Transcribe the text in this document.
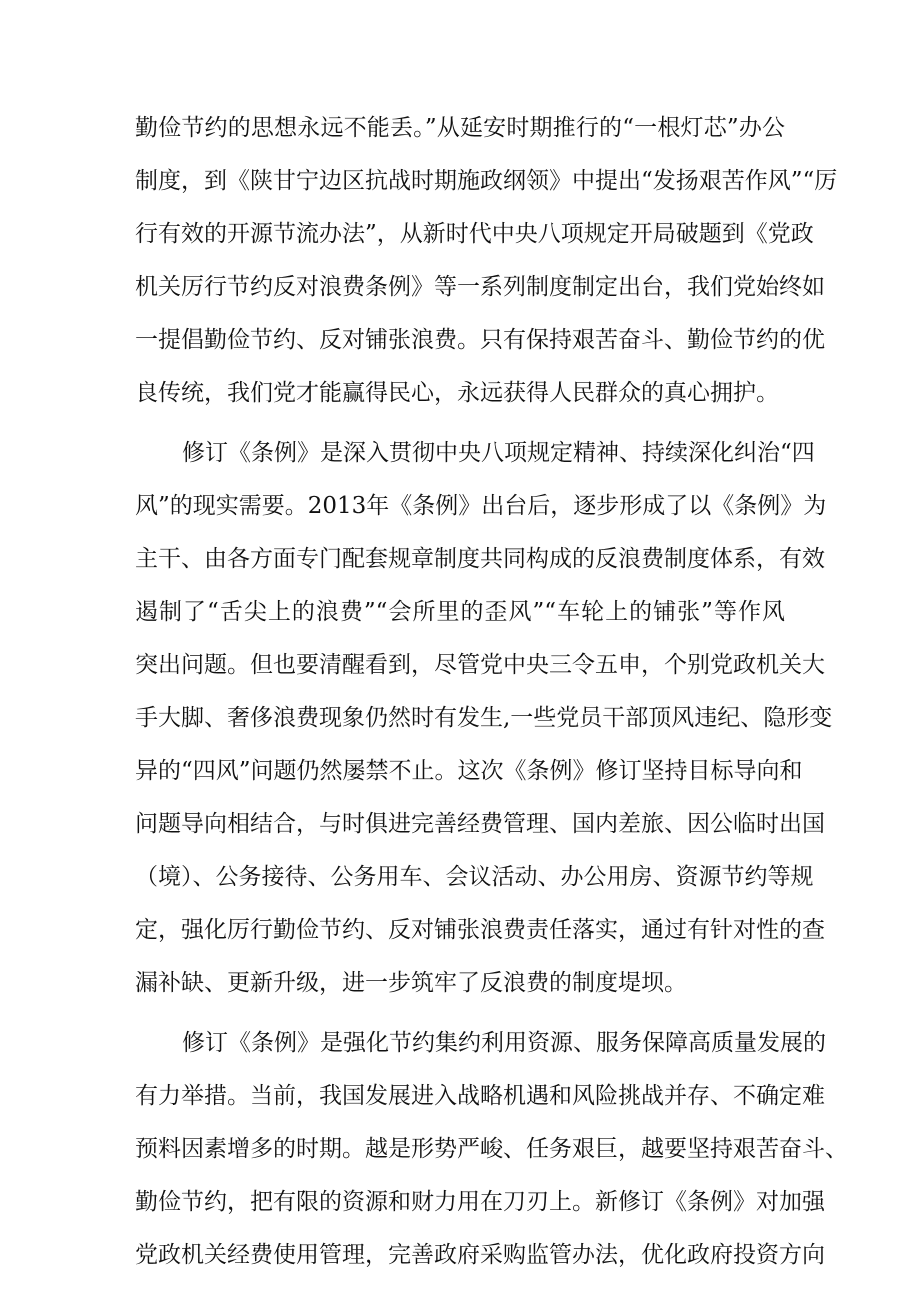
勤俭节约的思想永远不能丢。”从延安时期推行的“一根灯芯”办公
制度，到《陕甘宁边区抗战时期施政纲领》中提出“发扬艰苦作风”“厉
行有效的开源节流办法”，从新时代中央八项规定开局破题到《党政
机关厉行节约反对浪费条例》等一系列制度制定出台，我们党始终如
一提倡勤俭节约、反对铺张浪费。只有保持艰苦奋斗、勤俭节约的优
良传统，我们党才能赢得民心，永远获得人民群众的真心拥护。
修订《条例》是深入贯彻中央八项规定精神、持续深化纠治“四
风”的现实需要。2013年《条例》出台后，逐步形成了以《条例》为
主干、由各方面专门配套规章制度共同构成的反浪费制度体系，有效
遏制了“舌尖上的浪费”“会所里的歪风”“车轮上的铺张”等作风
突出问题。但也要清醒看到，尽管党中央三令五申，个别党政机关大
手大脚、奢侈浪费现象仍然时有发生,一些党员干部顶风违纪、隐形变
异的“四风”问题仍然屡禁不止。这次《条例》修订坚持目标导向和
问题导向相结合，与时俱进完善经费管理、国内差旅、因公临时出国
（境）、公务接待、公务用车、会议活动、办公用房、资源节约等规
定，强化厉行勤俭节约、反对铺张浪费责任落实，通过有针对性的查
漏补缺、更新升级，进一步筑牢了反浪费的制度堤坝。
修订《条例》是强化节约集约利用资源、服务保障高质量发展的
有力举措。当前，我国发展进入战略机遇和风险挑战并存、不确定难
预料因素增多的时期。越是形势严峻、任务艰巨，越要坚持艰苦奋斗、
勤俭节约，把有限的资源和财力用在刀刃上。新修订《条例》对加强
党政机关经费使用管理，完善政府采购监管办法，优化政府投资方向
